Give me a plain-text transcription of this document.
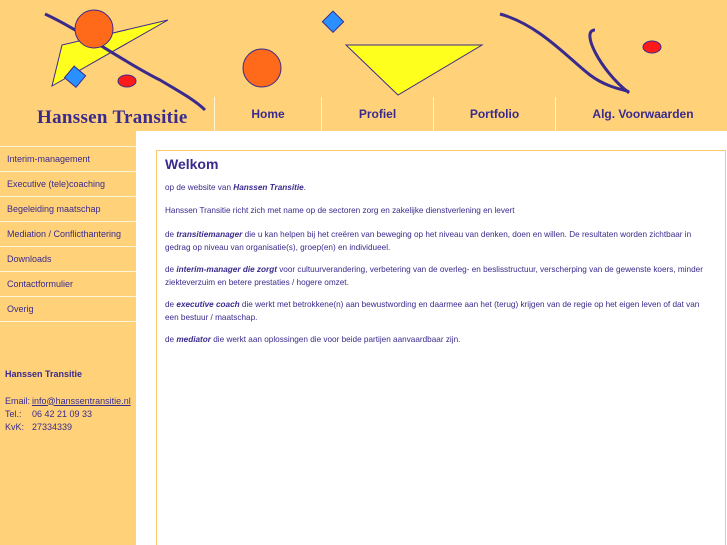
Hanssen Transitie	Home	Profiel	Portfolio	Alg. Voorwaarden
Interim-management
Executive (tele)coaching
Begeleiding maatschap
Mediation / Conflicthantering
Downloads
Contactformulier
Overig
Hanssen Transitie
Email: info@hanssentransitie.nl
Tel.:	06 42 21 09 33
KvK: 27334339
Welkom

op de website van Hanssen Transitie.

Hanssen Transitie richt zich met name op de sectoren zorg en zakelijke dienstverlening en levert

de transitiemanager die u kan helpen bij het creëren van beweging op het niveau van denken, doen en willen. De resultaten worden zichtbaar in gedrag op niveau van organisatie(s), groep(en) en individueel.

de interim-manager die zorgt voor cultuurverandering, verbetering van de overleg- en beslisstructuur, verscherping van de gewenste koers, minder ziekteverzuim en betere prestaties / hogere omzet.

de executive coach die werkt met betrokkene(n) aan bewustwording en daarmee aan het (terug) krijgen van de regie op het eigen leven of dat van een bestuur / maatschap.

de mediator die werkt aan oplossingen die voor beide partijen aanvaardbaar zijn.
